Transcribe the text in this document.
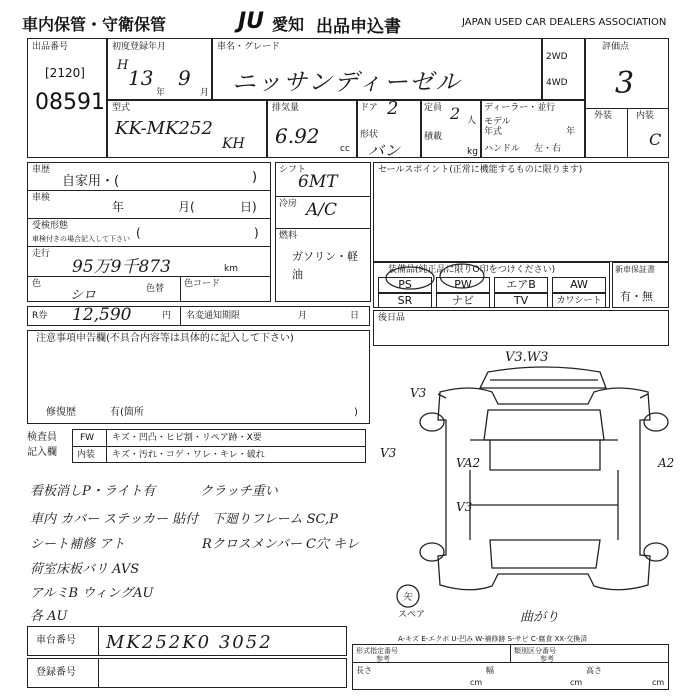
車内保管・守衛保管	JU 愛知 出品申込書	JAPAN USED CAR DEALERS ASSOCIATION
出品番号
[2120]
08591
初度登録年月
H
13
年
9
月
車名・グレード
ニッサンディーゼル
2WD
4WD
評価点
3
外装	内装
C
型式
KK-MK252
KH
排気量
6.92
cc
ドア 2
形状
バン
定員 2 人
積載
kg
ディーラー・並行
モデル
年式	年
ハンドル 左・右
車歴
自家用・(	)
車検
年	月(	日)
受検形態
車検付きの場合記入して下さい (	)
走行
95万9千873	km
色
シロ	色替 色コード
シフト
6MT
冷房 A/C
燃料
ガソリン・軽油
セールスポイント(正常に機能するものに限ります)
装備品(純正品に限りO印をつけください)
PS	PW	エアB	AW
SR	ナビ	TV	カワシート
新車保証書
有・無
R券 12,590	円 名変通知期限	月	日 後日品
注意事項申告欄(不具合内容等は具体的に記入して下さい)
修復歴	有(箇所	)
検査員
記入欄
FW キズ・凹凸・ヒビ割・リペア跡・X要
内装 キズ・汚れ・コゲ・ワレ・キレ・破れ
看板消しP・ライト有	クラッチ重い
車内 カバー ステッカー 貼付 下廻りフレーム SC,P
シート補修 アト	Rクロスメンバー C穴 キレ
荷室床板バリ AVS
アルミB ウィングAU
各 AU
V3.W3
V3
V3
VA2
V3
A2
矢
スペア	曲がり
A-キズ E-エクボ U-凹み W-補修跡 S-サビ C-腐食 XX-交換済
車台番号 MK252K0 3052
登録番号
形式指定番号
参考
類別区分番号
参考
長さ
cm
幅
cm
高さ
cm
